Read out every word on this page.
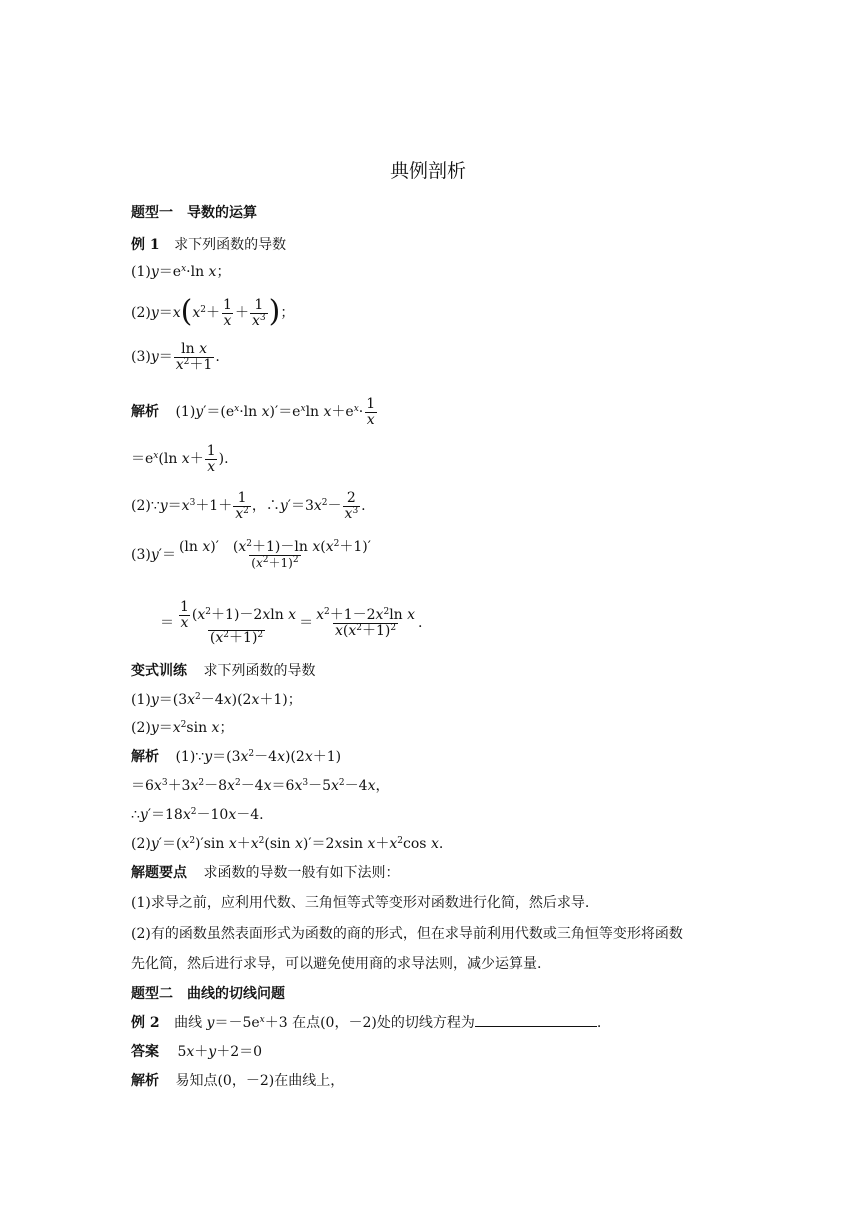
典例剖析
题型一　导数的运算
例 1 求下列函数的导数
$(1)y=e^x\cdot\ln$ x；
$(2)y=x(x^2+ \frac{1}{x} + \frac{1}{x^3}$ )；
$(3)y= \frac{\text{ln x}}{x^2+1}$ .
解析 $(1)y'=(e^x\cdot\ln$ $x)'=e^x\ln$ $x+e^x\cdot \frac{1}{x}$
$=e^x(\ln$ $x+ \frac{1}{x}$ ).
$(2)\because y=x^3+1+ \frac{1}{x^2}$ ，$\therefore y'=3x^2- \frac{2}{x^3}$ .
$(3)y'= \frac{(\ln x)' (x^2+1)-\ln x(x^2+1)'}{(x^2+1)^2}$
＝ $\frac{\frac{1}{x} (x^2+1)-2xln x}{(x^2+1)^2} = \frac{x^2+1-2x^2\ln x}{x(x^2+1)^2}$ .
变式训练 求下列函数的导数
$(1)y=(3x^2-4x)(2x+1)$；
$(2)y=x^2\sin$ x；
解析 $(1)\because y=(3x^2-4x)(2x+1)$
$=6x^3+3x^2-8x^2-4x=6x^3-5x^2-4x$，
$\therefore y'=18x^2-10x-4$.
$(2)y'=(x^2)'\sin$ $x+x^2(\sin$ x)′＝2xsin $x+x^2\cos$ x.
解题要点 求函数的导数一般有如下法则：
(1)求导之前，应利用代数、三角恒等式等变形对函数进行化简，然后求导.
(2)有的函数虽然表面形式为函数的商的形式，但在求导前利用代数或三角恒等变形将函数
先化简，然后进行求导，可以避免使用商的求导法则，减少运算量.
题型二　曲线的切线问题
例 2 曲线 $y=-5e^x+3$ 在点(0，－2)处的切线方程为	.
答案 5x＋y＋2＝0
解析 易知点(0，－2)在曲线上，
